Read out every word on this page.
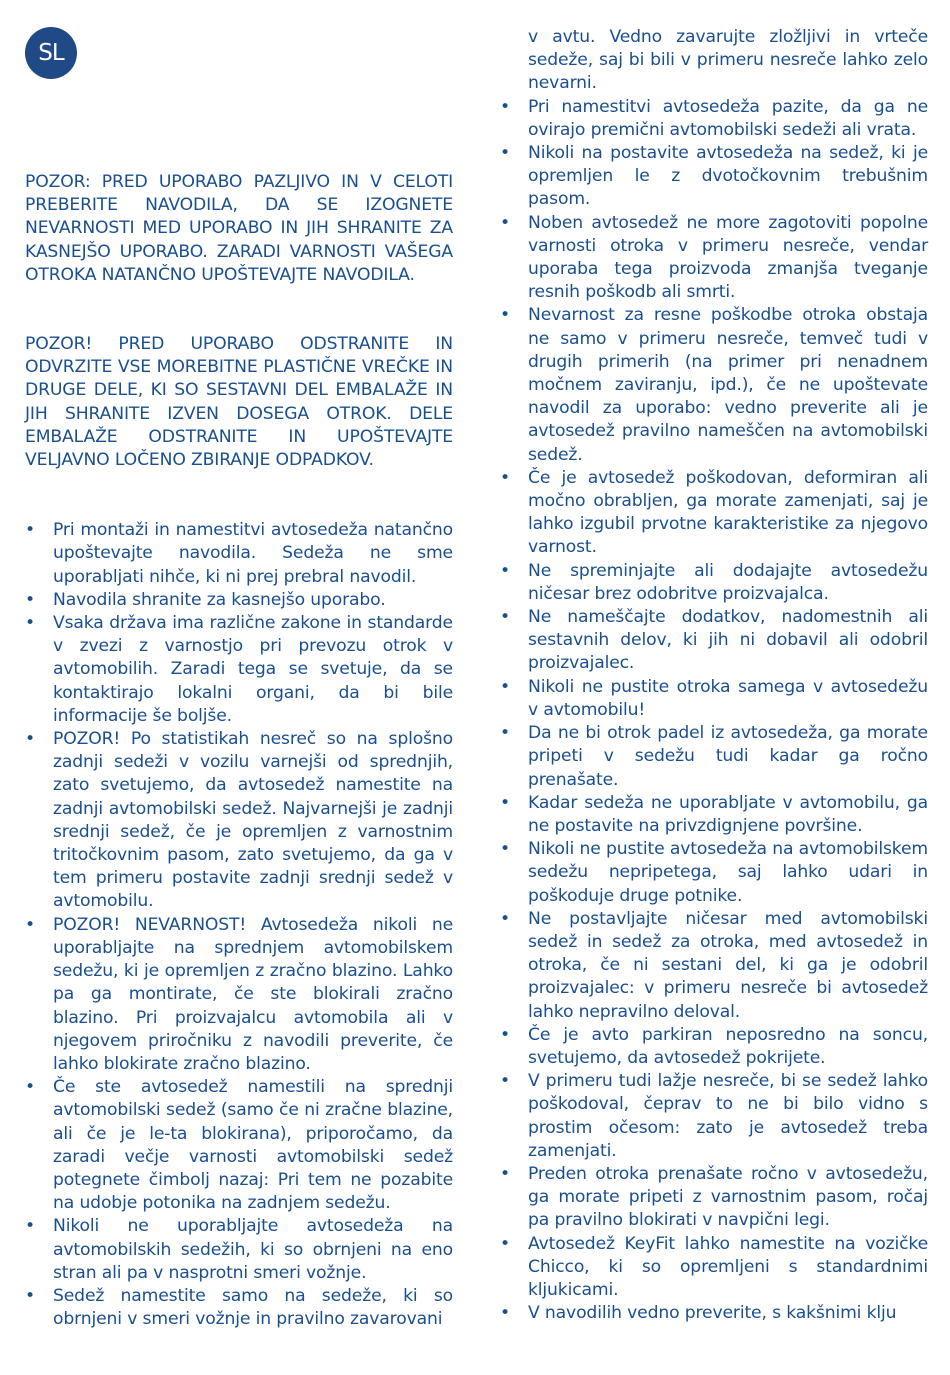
SL

POZOR: PRED UPORABO PAZLJIVO IN V CELOTI PREBERITE NAVODILA, DA SE IZOGNETE NEVARNOSTI MED UPORABO IN JIH SHRANITE ZA KASNEJŠO UPORABO. ZARADI VARNOSTI VAŠEGA OTROKA NATANČNO UPOŠTEVAJTE NAVODILA.

POZOR! PRED UPORABO ODSTRANITE IN ODVRZITE VSE MOREBITNE PLASTIČNE VREČKE IN DRUGE DELE, KI SO SESTAVNI DEL EMBALAŽE IN JIH SHRANITE IZVEN DOSEGA OTROK. DELE EMBALAŽE ODSTRANITE IN UPOŠTEVAJTE VELJAVNO LOČENO ZBIRANJE ODPADKOV.

• Pri montaži in namestitvi avtosedeža natančno upoštevajte navodila. Sedeža ne sme uporabljati nihče, ki ni prej prebral navodil.
• Navodila shranite za kasnejšo uporabo.
• Vsaka država ima različne zakone in standarde v zvezi z varnostjo pri prevozu otrok v avtomobilih. Zaradi tega se svetuje, da se kontaktirajo lokalni organi, da bi bile informacije še boljše.
• POZOR! Po statistikah nesreč so na splošno zadnji sedeži v vozilu varnejši od sprednjih, zato svetujemo, da avtosedež namestite na zadnji avtomobilski sedež. Najvarnejši je zadnji srednji sedež, če je opremljen z varnostnim tritočkovnim pasom, zato svetujemo, da ga v tem primeru postavite zadnji srednji sedež v avtomobilu.
• POZOR! NEVARNOST! Avtosedeža nikoli ne uporabljajte na sprednjem avtomobilskem sedežu, ki je opremljen z zračno blazino. Lahko pa ga montirate, če ste blokirali zračno blazino. Pri proizvajalcu avtomobila ali v njegovem priročniku z navodili preverite, če lahko blokirate zračno blazino.
• Če ste avtosedež namestili na sprednji avtomobilski sedež (samo če ni zračne blazine, ali če je le-ta blokirana), priporočamo, da zaradi večje varnosti avtomobilski sedež potegnete čimbolj nazaj: Pri tem ne pozabite na udobje potonika na zadnjem sedežu.
• Nikoli ne uporabljajte avtosedeža na avtomobilskih sedežih, ki so obrnjeni na eno stran ali pa v nasprotni smeri vožnje.
• Sedež namestite samo na sedeže, ki so obrnjeni v smeri vožnje in pravilno zavarovani

v avtu. Vedno zavarujte zložljivi in vrteče sedeže, saj bi bili v primeru nesreče lahko zelo nevarni.

• Pri namestitvi avtosedeža pazite, da ga ne ovirajo premični avtomobilski sedeži ali vrata.
• Nikoli na postavite avtosedeža na sedež, ki je opremljen le z dvotočkovnim trebušnim pasom.
• Noben avtosedež ne more zagotoviti popolne varnosti otroka v primeru nesreče, vendar uporaba tega proizvoda zmanjša tveganje resnih poškodb ali smrti.
• Nevarnost za resne poškodbe otroka obstaja ne samo v primeru nesreče, temveč tudi v drugih primerih (na primer pri nenadnem močnem zaviranju, ipd.), če ne upoštevate navodil za uporabo: vedno preverite ali je avtosedež pravilno nameščen na avtomobilski sedež.
• Če je avtosedež poškodovan, deformiran ali močno obrabljen, ga morate zamenjati, saj je lahko izgubil prvotne karakteristike za njegovo varnost.
• Ne spreminjajte ali dodajajte avtosedežu ničesar brez odobritve proizvajalca.
• Ne nameščajte dodatkov, nadomestnih ali sestavnih delov, ki jih ni dobavil ali odobril proizvajalec.
• Nikoli ne pustite otroka samega v avtosedežu v avtomobilu!
• Da ne bi otrok padel iz avtosedeža, ga morate pripeti v sedežu tudi kadar ga ročno prenašate.
• Kadar sedeža ne uporabljate v avtomobilu, ga ne postavite na privzdignjene površine.
• Nikoli ne pustite avtosedeža na avtomobilskem sedežu nepripetega, saj lahko udari in poškoduje druge potnike.
• Ne postavljajte ničesar med avtomobilski sedež in sedež za otroka, med avtosedež in otroka, če ni sestani del, ki ga je odobril proizvajalec: v primeru nesreče bi avtosedež lahko nepravilno deloval.
• Če je avto parkiran neposredno na soncu, svetujemo, da avtosedež pokrijete.
• V primeru tudi lažje nesreče, bi se sedež lahko poškodoval, čeprav to ne bi bilo vidno s prostim očesom: zato je avtosedež treba zamenjati.
• Preden otroka prenašate ročno v avtosedežu, ga morate pripeti z varnostnim pasom, ročaj pa pravilno blokirati v navpični legi.
• Avtosedež KeyFit lahko namestite na vozičke Chicco, ki so opremljeni s standardnimi kljukicami.
• V navodilih vedno preverite, s kakšnimi klju
